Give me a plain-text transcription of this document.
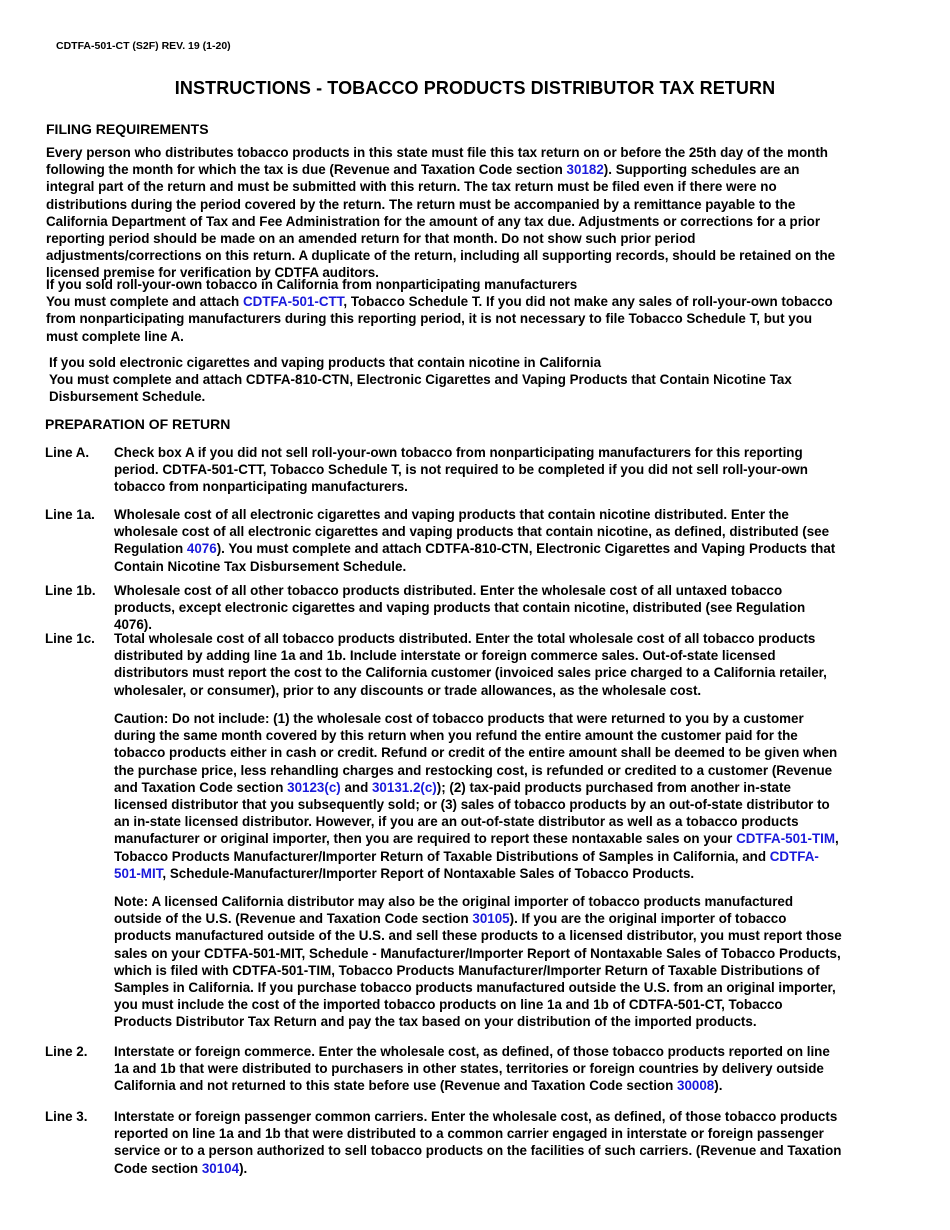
CDTFA-501-CT (S2F) REV. 19 (1-20)
INSTRUCTIONS - TOBACCO PRODUCTS DISTRIBUTOR TAX RETURN
FILING REQUIREMENTS
Every person who distributes tobacco products in this state must file this tax return on or before the 25th day of the month following the month for which the tax is due (Revenue and Taxation Code section 30182). Supporting schedules are an integral part of the return and must be submitted with this return. The tax return must be filed even if there were no distributions during the period covered by the return. The return must be accompanied by a remittance payable to the California Department of Tax and Fee Administration for the amount of any tax due. Adjustments or corrections for a prior reporting period should be made on an amended return for that month. Do not show such prior period adjustments/corrections on this return. A duplicate of the return, including all supporting records, should be retained on the licensed premise for verification by CDTFA auditors.
If you sold roll-your-own tobacco in California from nonparticipating manufacturers
You must complete and attach CDTFA-501-CTT, Tobacco Schedule T. If you did not make any sales of roll-your-own tobacco from nonparticipating manufacturers during this reporting period, it is not necessary to file Tobacco Schedule T, but you must complete line A.
If you sold electronic cigarettes and vaping products that contain nicotine in California
You must complete and attach CDTFA-810-CTN, Electronic Cigarettes and Vaping Products that Contain Nicotine Tax Disbursement Schedule.
PREPARATION OF RETURN
Line A.	Check box A if you did not sell roll-your-own tobacco from nonparticipating manufacturers for this reporting period. CDTFA-501-CTT, Tobacco Schedule T, is not required to be completed if you did not sell roll-your-own tobacco from nonparticipating manufacturers.
Line 1a.	Wholesale cost of all electronic cigarettes and vaping products that contain nicotine distributed. Enter the wholesale cost of all electronic cigarettes and vaping products that contain nicotine, as defined, distributed (see Regulation 4076). You must complete and attach CDTFA-810-CTN, Electronic Cigarettes and Vaping Products that Contain Nicotine Tax Disbursement Schedule.
Line 1b.	Wholesale cost of all other tobacco products distributed. Enter the wholesale cost of all untaxed tobacco products, except electronic cigarettes and vaping products that contain nicotine, distributed (see Regulation 4076).
Line 1c.	Total wholesale cost of all tobacco products distributed. Enter the total wholesale cost of all tobacco products distributed by adding line 1a and 1b. Include interstate or foreign commerce sales. Out-of-state licensed distributors must report the cost to the California customer (invoiced sales price charged to a California retailer, wholesaler, or consumer), prior to any discounts or trade allowances, as the wholesale cost.
Caution: Do not include: (1) the wholesale cost of tobacco products that were returned to you by a customer during the same month covered by this return when you refund the entire amount the customer paid for the tobacco products either in cash or credit. Refund or credit of the entire amount shall be deemed to be given when the purchase price, less rehandling charges and restocking cost, is refunded or credited to a customer (Revenue and Taxation Code section 30123(c) and 30131.2(c)); (2) tax-paid products purchased from another in-state licensed distributor that you subsequently sold; or (3) sales of tobacco products by an out-of-state distributor to an in-state licensed distributor. However, if you are an out-of-state distributor as well as a tobacco products manufacturer or original importer, then you are required to report these nontaxable sales on your CDTFA-501-TIM, Tobacco Products Manufacturer/Importer Return of Taxable Distributions of Samples in California, and CDTFA-501-MIT, Schedule-Manufacturer/Importer Report of Nontaxable Sales of Tobacco Products.
Note: A licensed California distributor may also be the original importer of tobacco products manufactured outside of the U.S. (Revenue and Taxation Code section 30105). If you are the original importer of tobacco products manufactured outside of the U.S. and sell these products to a licensed distributor, you must report those sales on your CDTFA-501-MIT, Schedule - Manufacturer/Importer Report of Nontaxable Sales of Tobacco Products, which is filed with CDTFA-501-TIM, Tobacco Products Manufacturer/Importer Return of Taxable Distributions of Samples in California. If you purchase tobacco products manufactured outside the U.S. from an original importer, you must include the cost of the imported tobacco products on line 1a and 1b of CDTFA-501-CT, Tobacco Products Distributor Tax Return and pay the tax based on your distribution of the imported products.
Line 2.	Interstate or foreign commerce. Enter the wholesale cost, as defined, of those tobacco products reported on line 1a and 1b that were distributed to purchasers in other states, territories or foreign countries by delivery outside California and not returned to this state before use (Revenue and Taxation Code section 30008).
Line 3.	Interstate or foreign passenger common carriers. Enter the wholesale cost, as defined, of those tobacco products reported on line 1a and 1b that were distributed to a common carrier engaged in interstate or foreign passenger service or to a person authorized to sell tobacco products on the facilities of such carriers. (Revenue and Taxation Code section 30104).
